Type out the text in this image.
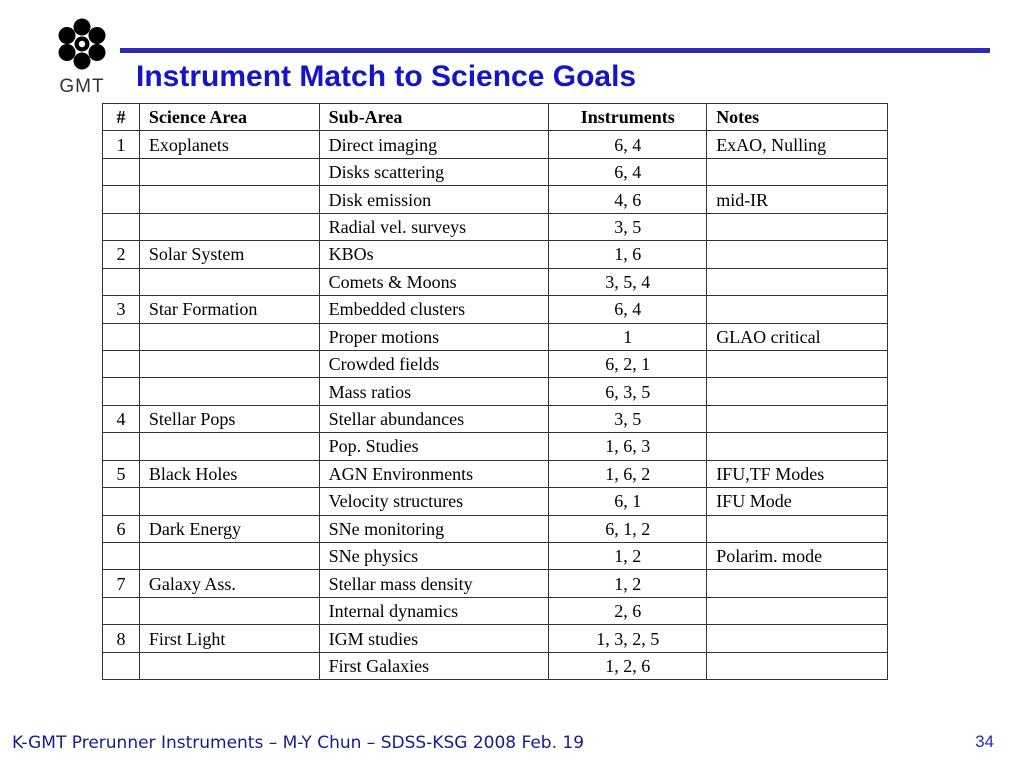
GMT	Instrument Match to Science Goals
#	Science Area	Sub-Area	Instruments	Notes
1	Exoplanets	Direct imaging	6, 4	ExAO, Nulling
		Disks scattering	6, 4	
		Disk emission	4, 6	mid-IR
		Radial vel. surveys	3, 5	
2	Solar System	KBOs	1, 6	
		Comets & Moons	3, 5, 4	
3	Star Formation	Embedded clusters	6, 4	
		Proper motions	1	GLAO critical
		Crowded fields	6, 2, 1	
		Mass ratios	6, 3, 5	
4	Stellar Pops	Stellar abundances	3, 5	
		Pop. Studies	1, 6, 3	
5	Black Holes	AGN Environments	1, 6, 2	IFU,TF Modes
		Velocity structures	6, 1	IFU Mode
6	Dark Energy	SNe monitoring	6, 1, 2	
		SNe physics	1, 2	Polarim. mode
7	Galaxy Ass.	Stellar mass density	1, 2	
		Internal dynamics	2, 6	
8	First Light	IGM studies	1, 3, 2, 5	
		First Galaxies	1, 2, 6	
K-GMT Prerunner Instruments – M-Y Chun – SDSS-KSG 2008 Feb. 19	34
